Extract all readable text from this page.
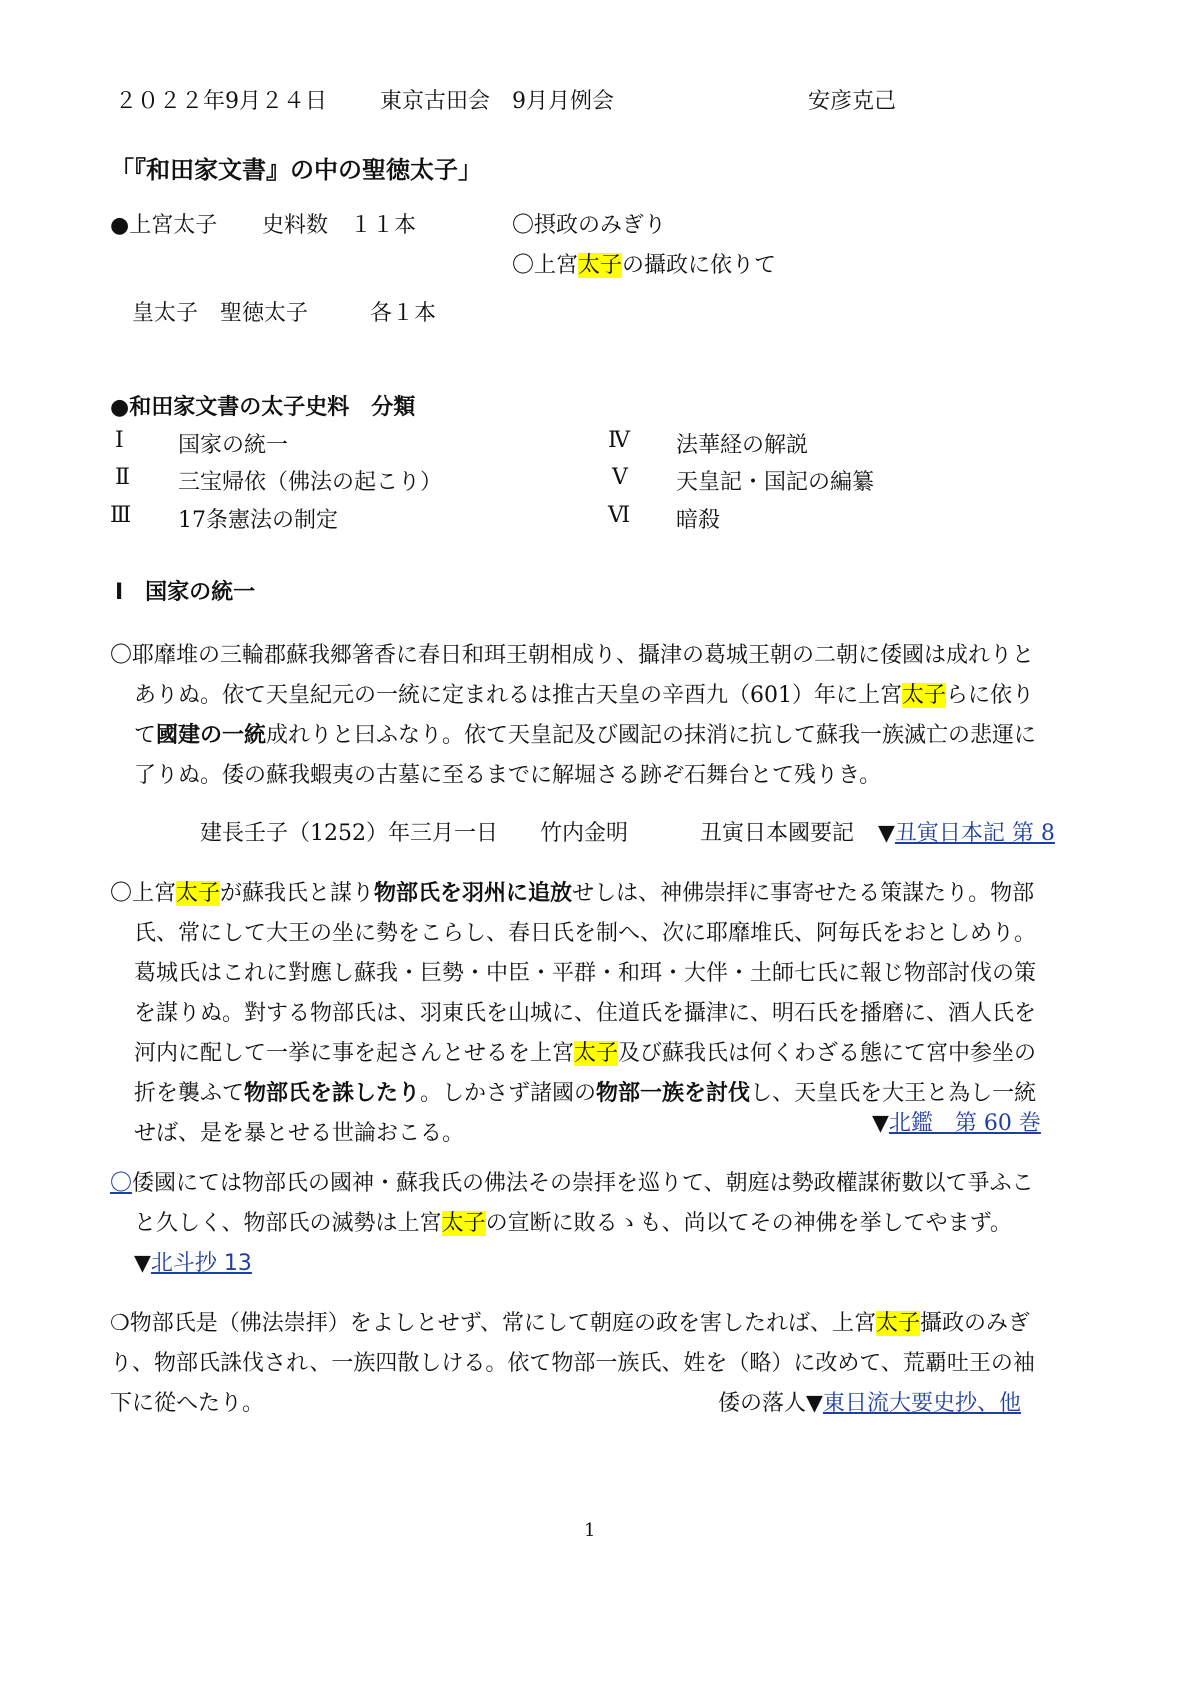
２０２２年9月２４日 東京古田会　9月月例会	安彦克己
「『和田家文書』の中の聖徳太子」
●上宮太子 史料数　１１本	〇摂政のみぎり
〇上宮太子の攝政に依りて
皇太子　聖徳太子	各１本
●和田家文書の太子史料　分類
Ⅰ 国家の統一
Ⅱ 三宝帰依（佛法の起こり）
Ⅲ 17条憲法の制定
Ⅳ 法華経の解説
Ⅴ 天皇記・国記の編纂
Ⅵ 暗殺
Ⅰ　国家の統一
〇耶靡堆の三輪郡蘇我郷箸香に春日和珥王朝相成り、攝津の葛城王朝の二朝に倭國は成れりと
ありぬ。依て天皇紀元の一統に定まれるは推古天皇の辛酉九（601）年に上宮太子らに依り
て國建の一統成れりと曰ふなり。依て天皇記及び國記の抹消に抗して蘇我一族滅亡の悲運に
了りぬ。倭の蘇我蝦夷の古墓に至るまでに解堀さる跡ぞ石舞台とて残りき。
建長壬子（1252）年三月一日 竹内金明	丑寅日本國要記 ▼丑寅日本記 第 8
〇上宮太子が蘇我氏と謀り物部氏を羽州に追放せしは、神佛崇拝に事寄せたる策謀たり。物部
氏、常にして大王の坐に勢をこらし、春日氏を制へ、次に耶靡堆氏、阿毎氏をおとしめり。
葛城氏はこれに對應し蘇我・巨勢・中臣・平群・和珥・大伴・土師七氏に報じ物部討伐の策
を謀りぬ。對する物部氏は、羽東氏を山城に、住道氏を攝津に、明石氏を播磨に、酒人氏を
河内に配して一挙に事を起さんとせるを上宮太子及び蘇我氏は何くわざる態にて宮中参坐の
折を襲ふて物部氏を誅したり。しかさず諸國の物部一族を討伐し、天皇氏を大王と為し一統
せば、是を暴とせる世論おこる。	▼北鑑　第 60 巻
〇倭國にては物部氏の國神・蘇我氏の佛法その崇拝を巡りて、朝庭は勢政權謀術數以て爭ふこ
と久しく、物部氏の滅勢は上宮太子の宣断に敗るゝも、尚以てその神佛を挙してやまず。
▼北斗抄 13
❍物部氏是（佛法崇拝）をよしとせず、常にして朝庭の政を害したれば、上宮太子攝政のみぎ
り、物部氏誅伐され、一族四散しける。依て物部一族氏、姓を（略）に改めて、荒覇吐王の袖
下に從へたり。	倭の落人▼東日流大要史抄、他
1
